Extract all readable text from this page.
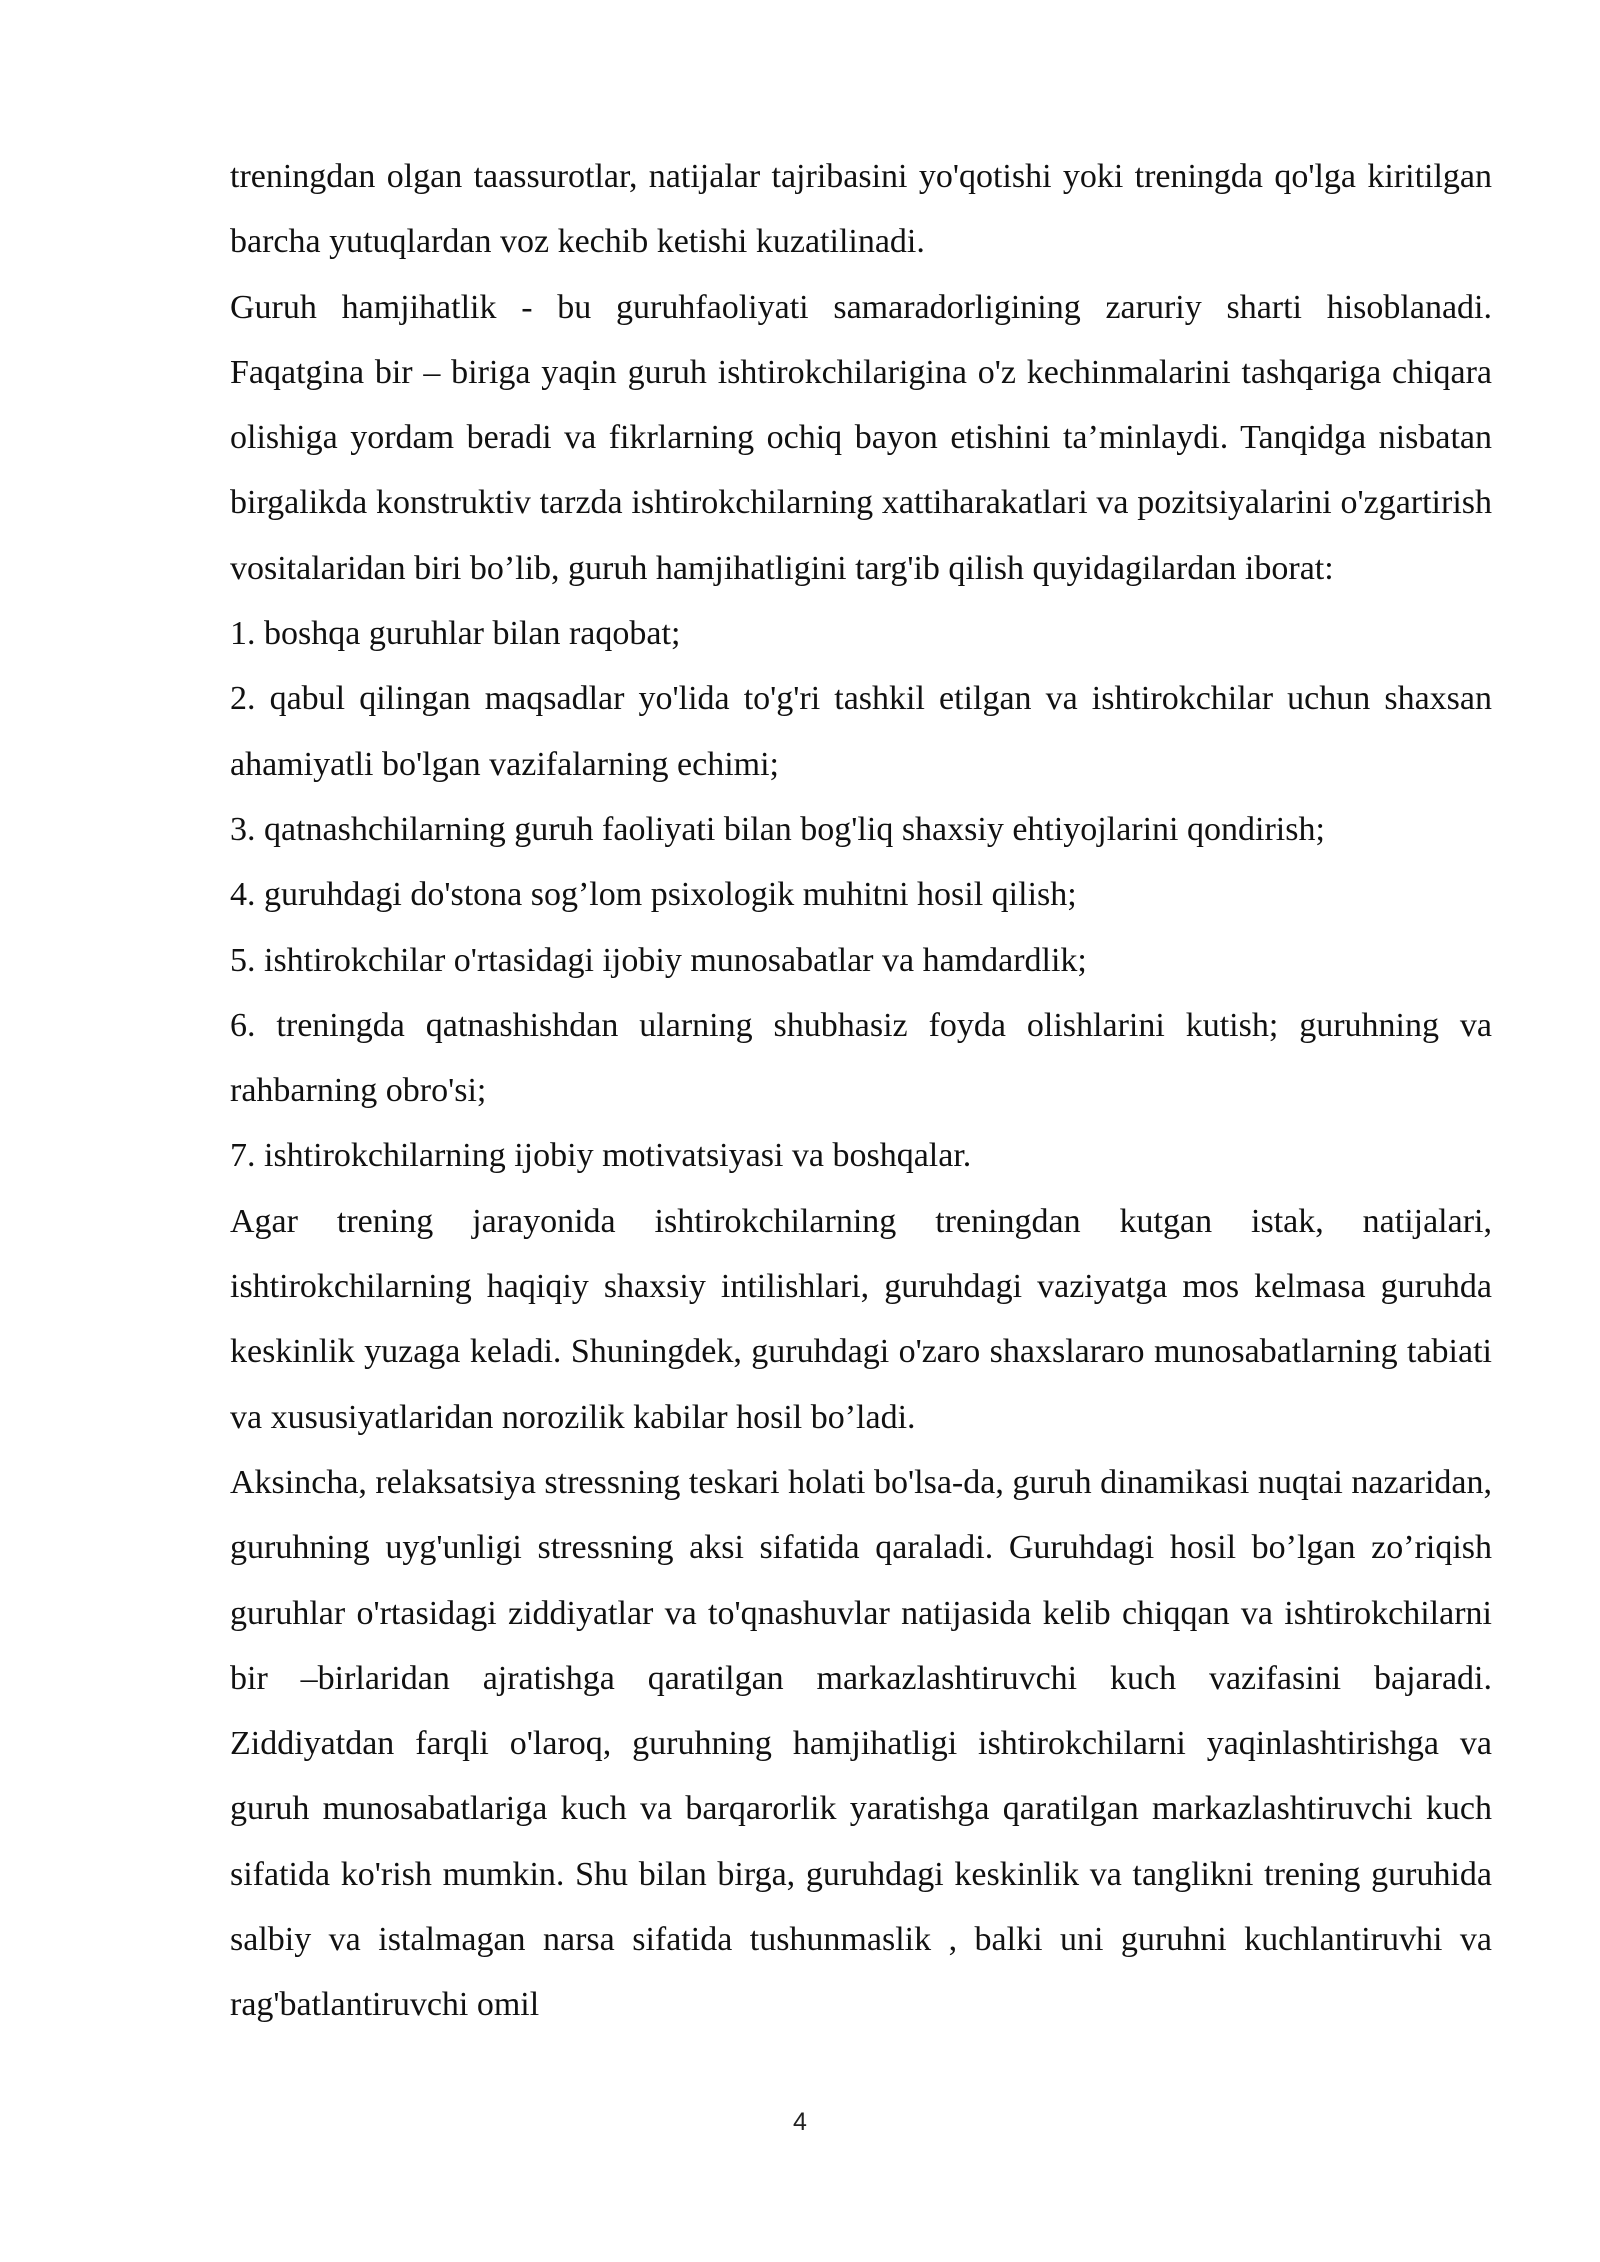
treningdan olgan taassurotlar, natijalar tajribasini yo'qotishi yoki treningda qo'lga kiritilgan barcha yutuqlardan voz kechib ketishi kuzatilinadi.

Guruh hamjihatlik - bu guruhfaoliyati samaradorligining zaruriy sharti hisoblanadi. Faqatgina bir – biriga yaqin guruh ishtirokchilarigina o'z kechinmalarini tashqariga chiqara olishiga yordam beradi va fikrlarning ochiq bayon etishini ta’minlaydi. Tanqidga nisbatan birgalikda konstruktiv tarzda ishtirokchilarning xattiharakatlari va pozitsiyalarini o'zgartirish vositalaridan biri bo’lib, guruh hamjihatligini targ'ib qilish quyidagilardan iborat:

1. boshqa guruhlar bilan raqobat;

2. qabul qilingan maqsadlar yo'lida to'g'ri tashkil etilgan va ishtirokchilar uchun shaxsan ahamiyatli bo'lgan vazifalarning echimi;

3. qatnashchilarning guruh faoliyati bilan bog'liq shaxsiy ehtiyojlarini qondirish;

4. guruhdagi do'stona sog’lom psixologik muhitni hosil qilish;

5. ishtirokchilar o'rtasidagi ijobiy munosabatlar va hamdardlik;

6. treningda qatnashishdan ularning shubhasiz foyda olishlarini kutish; guruhning va rahbarning obro'si;

7. ishtirokchilarning ijobiy motivatsiyasi va boshqalar.

Agar trening jarayonida ishtirokchilarning treningdan kutgan istak, natijalari, ishtirokchilarning haqiqiy shaxsiy intilishlari, guruhdagi vaziyatga mos kelmasa guruhda keskinlik yuzaga keladi. Shuningdek, guruhdagi o'zaro shaxslararo munosabatlarning tabiati va xususiyatlaridan norozilik kabilar hosil bo’ladi.

Aksincha, relaksatsiya stressning teskari holati bo'lsa-da, guruh dinamikasi nuqtai nazaridan, guruhning uyg'unligi stressning aksi sifatida qaraladi. Guruhdagi hosil bo’lgan zo’riqish guruhlar o'rtasidagi ziddiyatlar va to'qnashuvlar natijasida kelib chiqqan va ishtirokchilarni bir –birlaridan ajratishga qaratilgan markazlashtiruvchi kuch vazifasini bajaradi. Ziddiyatdan farqli o'laroq, guruhning hamjihatligi ishtirokchilarni yaqinlashtirishga va guruh munosabatlariga kuch va barqarorlik yaratishga qaratilgan markazlashtiruvchi kuch sifatida ko'rish mumkin. Shu bilan birga, guruhdagi keskinlik va tanglikni trening guruhida salbiy va istalmagan narsa sifatida tushunmaslik , balki uni guruhni kuchlantiruvhi va rag'batlantiruvchi omil

4
